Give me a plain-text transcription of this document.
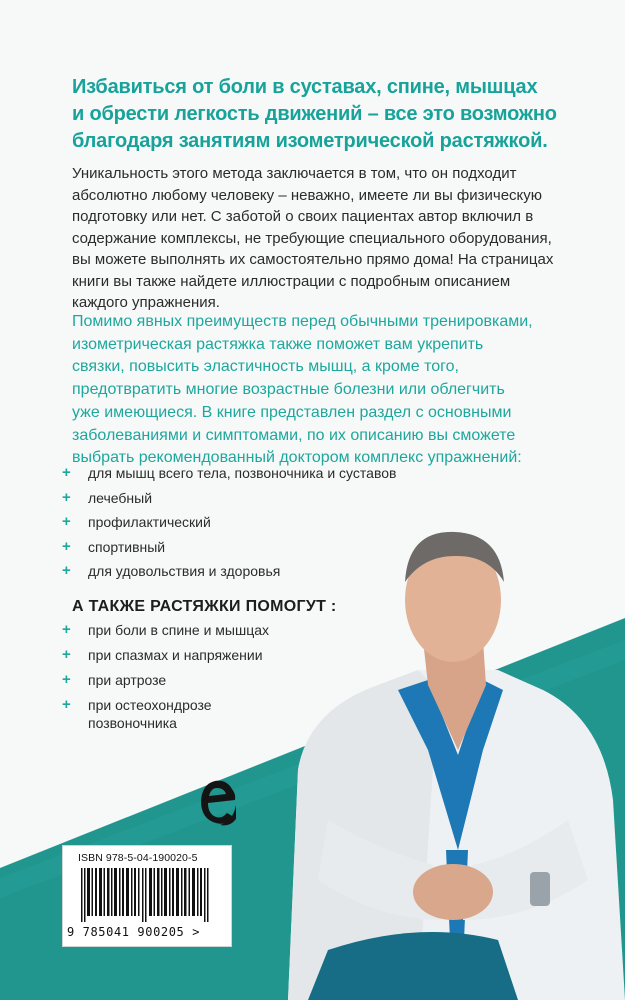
Избавиться от боли в суставах, спине, мышцах
и обрести легкость движений – все это возможно
благодаря занятиям изометрической растяжкой.
Уникальность этого метода заключается в том, что он подходит
абсолютно любому человеку – неважно, имеете ли вы физическую
подготовку или нет. С заботой о своих пациентах автор включил в
содержание комплексы, не требующие специального оборудования,
вы можете выполнять их самостоятельно прямо дома! На страницах
книги вы также найдете иллюстрации с подробным описанием
каждого упражнения.
Помимо явных преимуществ перед обычными тренировками,
изометрическая растяжка также поможет вам укрепить
связки, повысить эластичность мышц, а кроме того,
предотвратить многие возрастные болезни или облегчить
уже имеющиеся. В книге представлен раздел с основными
заболеваниями и симптомами, по их описанию вы сможете
выбрать рекомендованный доктором комплекс упражнений:
+ для мышц всего тела, позвоночника и суставов
+ лечебный
+ профилактический
+ спортивный
+ для удовольствия и здоровья
А ТАКЖЕ РАСТЯЖКИ ПОМОГУТ :
+ при боли в спине и мышцах
+ при спазмах и напряжении
+ при артрозе
+ при остеохондрозе позвоночника
ISBN 978-5-04-190020-5
9 785041 900205 >
